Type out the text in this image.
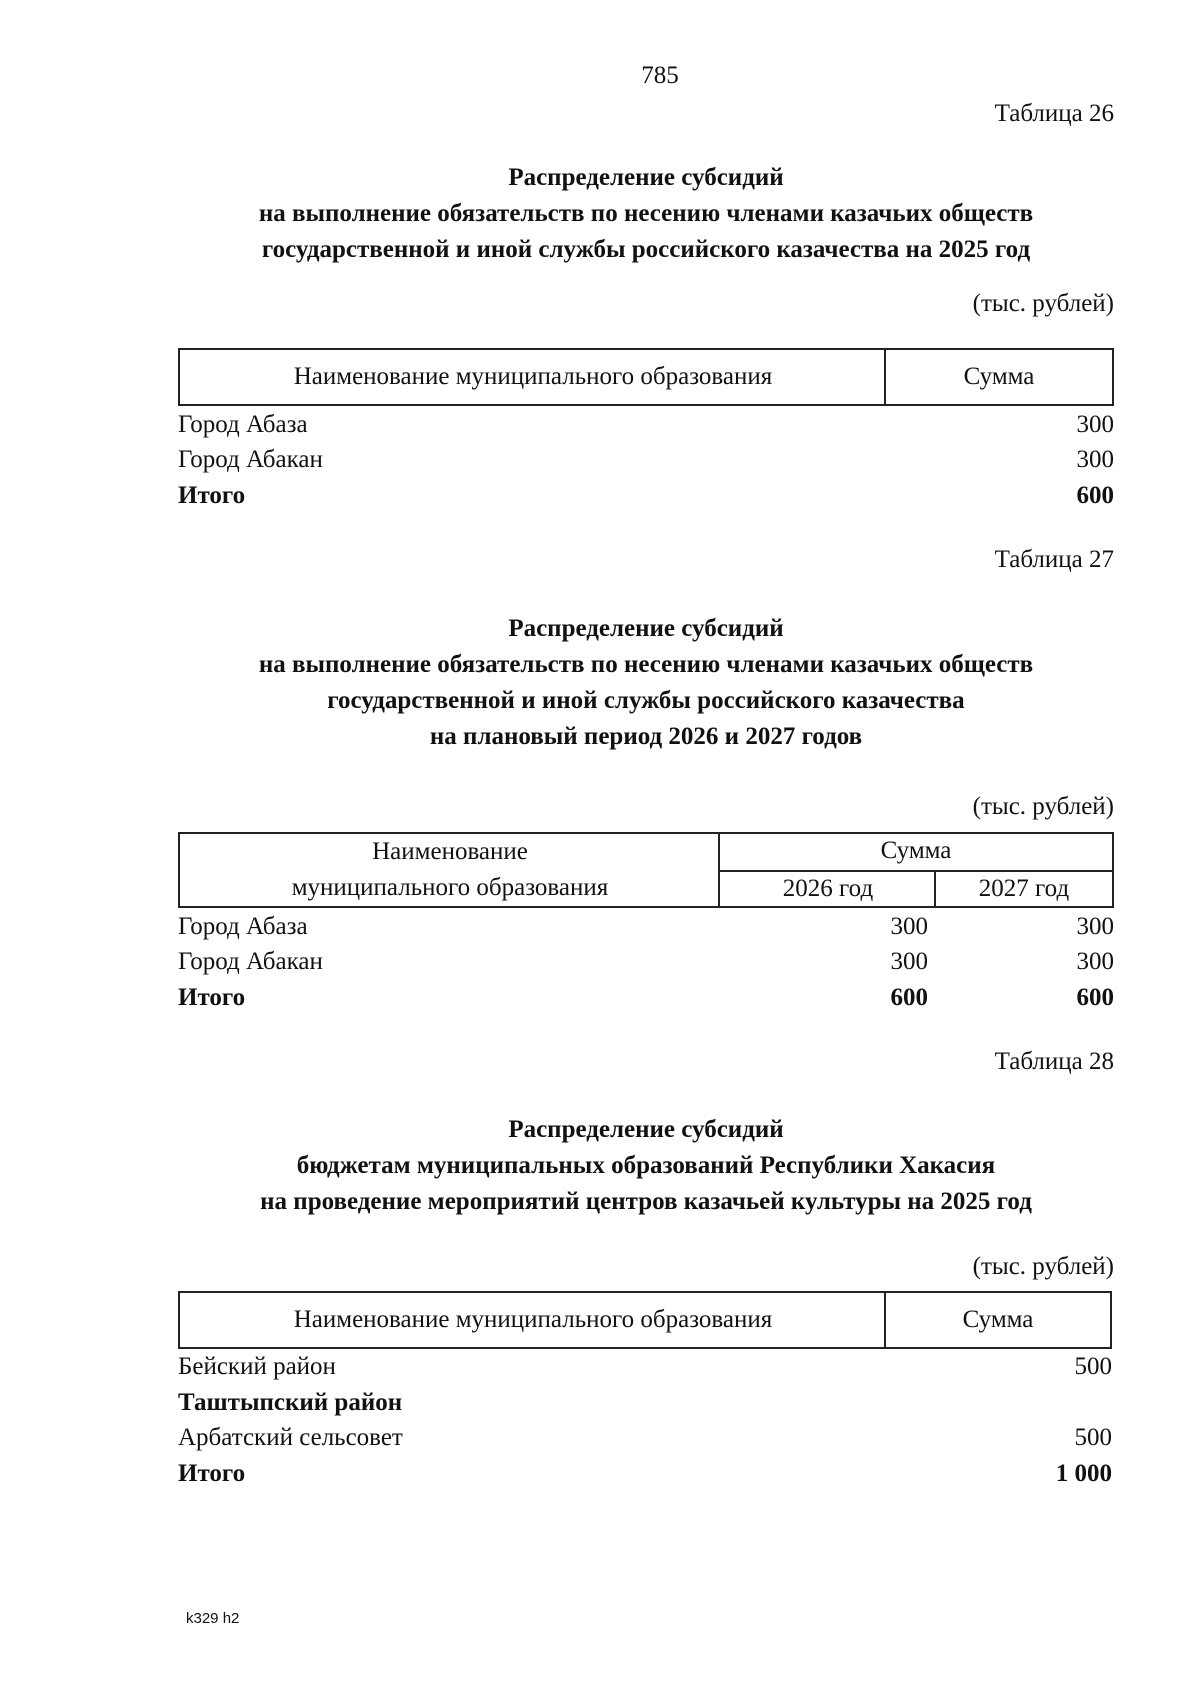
785
Таблица 26
Распределение субсидий
на выполнение обязательств по несению членами казачьих обществ
государственной и иной службы российского казачества на 2025 год
(тыс. рублей)
Наименование муниципального образования	Сумма
Город Абаза	300
Город Абакан	300
Итого	600
Таблица 27
Распределение субсидий
на выполнение обязательств по несению членами казачьих обществ
государственной и иной службы российского казачества
на плановый период 2026 и 2027 годов
(тыс. рублей)
Наименование
муниципального образования
Сумма
2026 год	2027 год
Город Абаза	300	300
Город Абакан	300	300
Итого	600	600
Таблица 28
Распределение субсидий
бюджетам муниципальных образований Республики Хакасия
на проведение мероприятий центров казачьей культуры на 2025 год
(тыс. рублей)
Наименование муниципального образования	Сумма
Бейский район	500
Таштыпский район
Арбатский сельсовет	500
Итого	1 000
k329 h2
